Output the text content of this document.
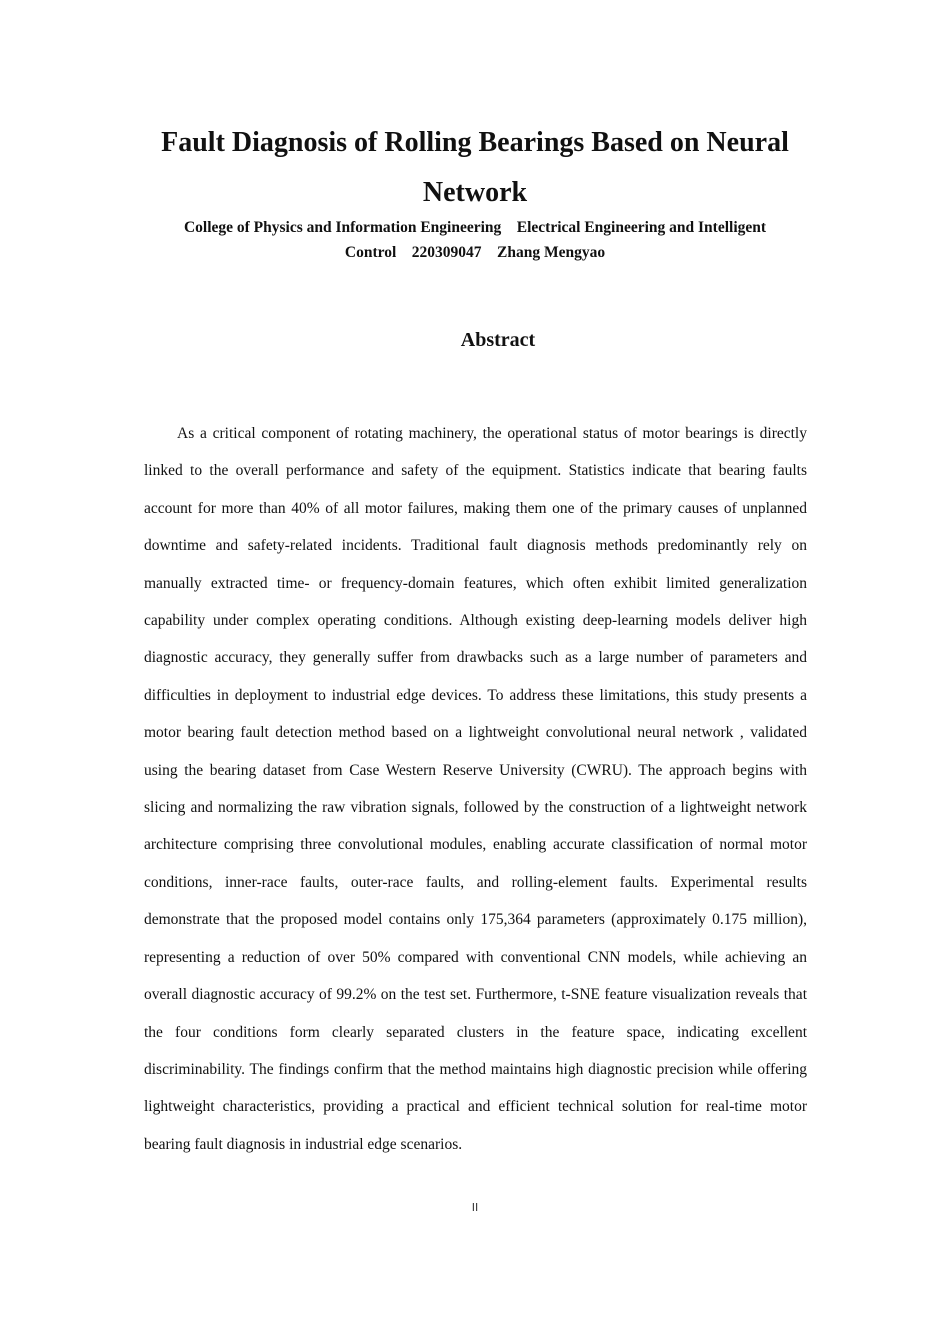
Fault Diagnosis of Rolling Bearings Based on Neural Network
College of Physics and Information Engineering Electrical Engineering and Intelligent
Control 220309047 Zhang Mengyao
Abstract

As a critical component of rotating machinery, the operational status of motor bearings is directly linked to the overall performance and safety of the equipment. Statistics indicate that bearing faults account for more than 40% of all motor failures, making them one of the primary causes of unplanned downtime and safety-related incidents. Traditional fault diagnosis methods predominantly rely on manually extracted time- or frequency-domain features, which often exhibit limited generalization capability under complex operating conditions. Although existing deep-learning models deliver high diagnostic accuracy, they generally suffer from drawbacks such as a large number of parameters and difficulties in deployment to industrial edge devices. To address these limitations, this study presents a motor bearing fault detection method based on a lightweight convolutional neural network , validated using the bearing dataset from Case Western Reserve University (CWRU). The approach begins with slicing and normalizing the raw vibration signals, followed by the construction of a lightweight network architecture comprising three convolutional modules, enabling accurate classification of normal motor conditions, inner-race faults, outer-race faults, and rolling-element faults. Experimental results demonstrate that the proposed model contains only 175,364 parameters (approximately 0.175 million), representing a reduction of over 50% compared with conventional CNN models, while achieving an overall diagnostic accuracy of 99.2% on the test set. Furthermore, t-SNE feature visualization reveals that the four conditions form clearly separated clusters in the feature space, indicating excellent discriminability. The findings confirm that the method maintains high diagnostic precision while offering lightweight characteristics, providing a practical and efficient technical solution for real-time motor bearing fault diagnosis in industrial edge scenarios.

II
